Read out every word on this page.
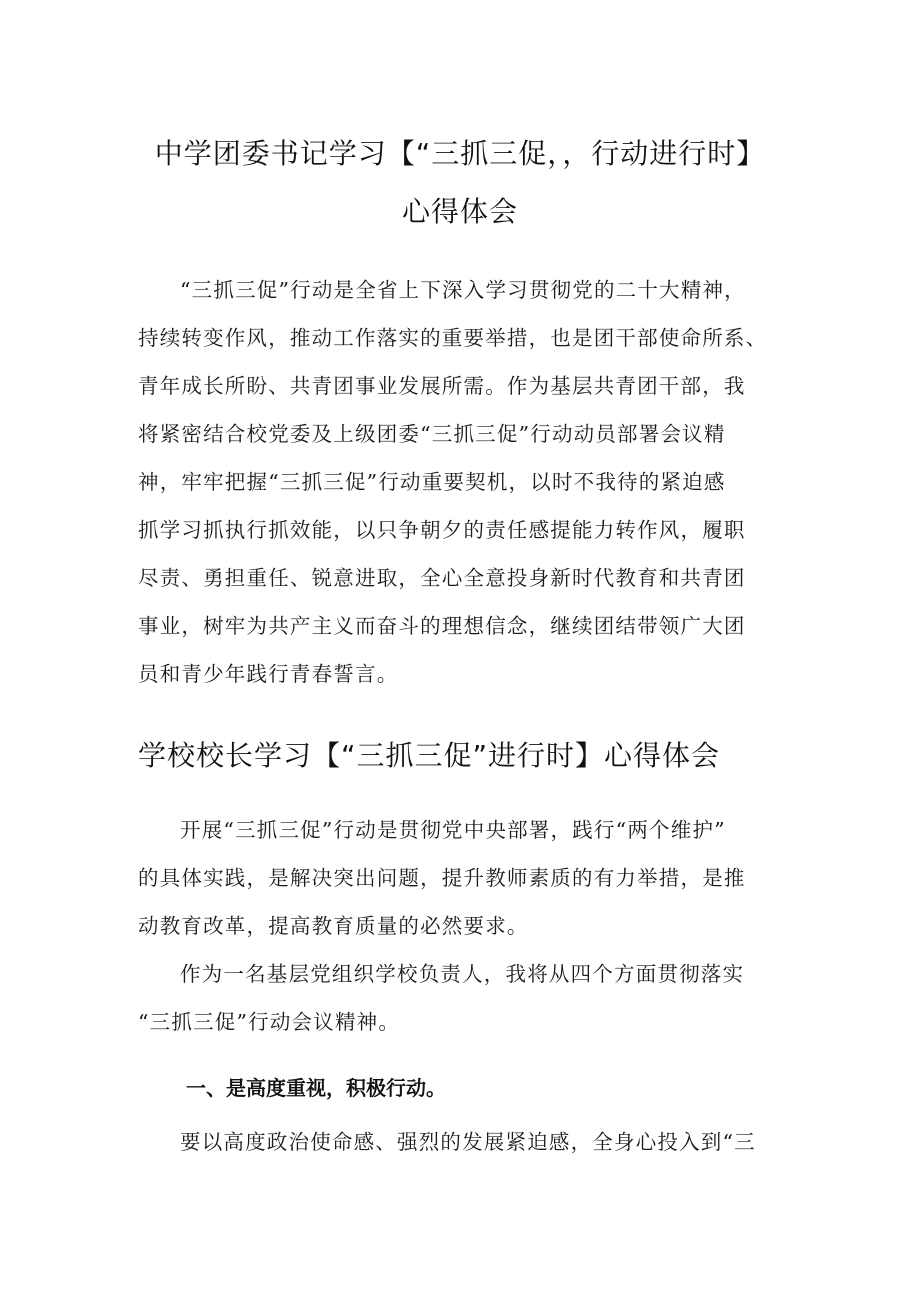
中学团委书记学习【“三抓三促，，行动进行时】
心得体会
“三抓三促”行动是全省上下深入学习贯彻党的二十大精神，
持续转变作风，推动工作落实的重要举措，也是团干部使命所系、
青年成长所盼、共青团事业发展所需。作为基层共青团干部，我
将紧密结合校党委及上级团委“三抓三促”行动动员部署会议精
神，牢牢把握“三抓三促”行动重要契机，以时不我待的紧迫感
抓学习抓执行抓效能，以只争朝夕的责任感提能力转作风，履职
尽责、勇担重任、锐意进取，全心全意投身新时代教育和共青团
事业，树牢为共产主义而奋斗的理想信念，继续团结带领广大团
员和青少年践行青春誓言。
学校校长学习【“三抓三促”进行时】心得体会
开展“三抓三促”行动是贯彻党中央部署，践行“两个维护”
的具体实践，是解决突出问题，提升教师素质的有力举措，是推
动教育改革，提高教育质量的必然要求。
作为一名基层党组织学校负责人，我将从四个方面贯彻落实
“三抓三促”行动会议精神。
一、是高度重视，积极行动。
要以高度政治使命感、强烈的发展紧迫感，全身心投入到“三
